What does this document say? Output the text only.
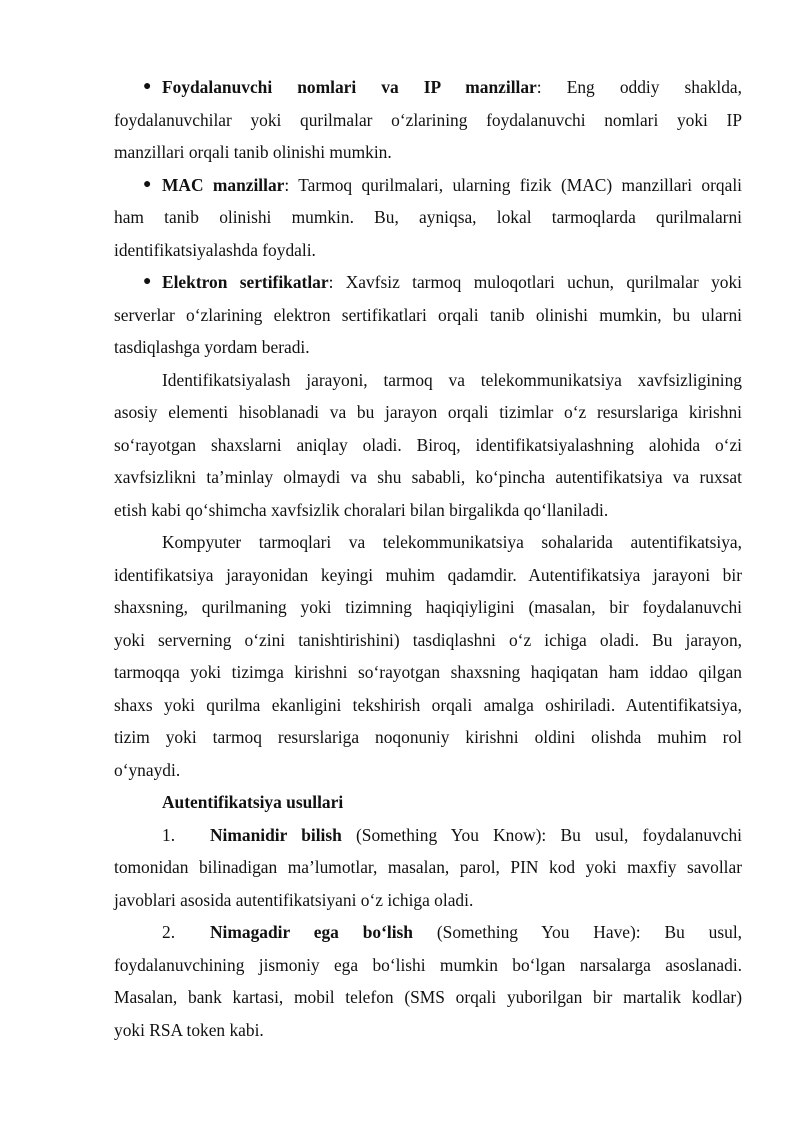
● Foydalanuvchi nomlari va IP manzillar: Eng oddiy shaklda,
foydalanuvchilar yoki qurilmalar o‘zlarining foydalanuvchi nomlari yoki IP
manzillari orqali tanib olinishi mumkin.
● MAC manzillar: Tarmoq qurilmalari, ularning fizik (MAC) manzillari orqali
ham tanib olinishi mumkin. Bu, ayniqsa, lokal tarmoqlarda qurilmalarni
identifikatsiyalashda foydali.
● Elektron sertifikatlar: Xavfsiz tarmoq muloqotlari uchun, qurilmalar yoki
serverlar o‘zlarining elektron sertifikatlari orqali tanib olinishi mumkin, bu ularni
tasdiqlashga yordam beradi.
Identifikatsiyalash jarayoni, tarmoq va telekommunikatsiya xavfsizligining
asosiy elementi hisoblanadi va bu jarayon orqali tizimlar o‘z resurslariga kirishni
so‘rayotgan shaxslarni aniqlay oladi. Biroq, identifikatsiyalashning alohida o‘zi
xavfsizlikni ta’minlay olmaydi va shu sababli, ko‘pincha autentifikatsiya va ruxsat
etish kabi qo‘shimcha xavfsizlik choralari bilan birgalikda qo‘llaniladi.
Kompyuter tarmoqlari va telekommunikatsiya sohalarida autentifikatsiya,
identifikatsiya jarayonidan keyingi muhim qadamdir. Autentifikatsiya jarayoni bir
shaxsning, qurilmaning yoki tizimning haqiqiyligini (masalan, bir foydalanuvchi
yoki serverning o‘zini tanishtirishini) tasdiqlashni o‘z ichiga oladi. Bu jarayon,
tarmoqqa yoki tizimga kirishni so‘rayotgan shaxsning haqiqatan ham iddao qilgan
shaxs yoki qurilma ekanligini tekshirish orqali amalga oshiriladi. Autentifikatsiya,
tizim yoki tarmoq resurslariga noqonuniy kirishni oldini olishda muhim rol
o‘ynaydi.
Autentifikatsiya usullari
1. Nimanidir bilish (Something You Know): Bu usul, foydalanuvchi
tomonidan bilinadigan ma’lumotlar, masalan, parol, PIN kod yoki maxfiy savollar
javoblari asosida autentifikatsiyani o‘z ichiga oladi.
2. Nimagadir ega bo‘lish (Something You Have): Bu usul,
foydalanuvchining jismoniy ega bo‘lishi mumkin bo‘lgan narsalarga asoslanadi.
Masalan, bank kartasi, mobil telefon (SMS orqali yuborilgan bir martalik kodlar)
yoki RSA token kabi.
